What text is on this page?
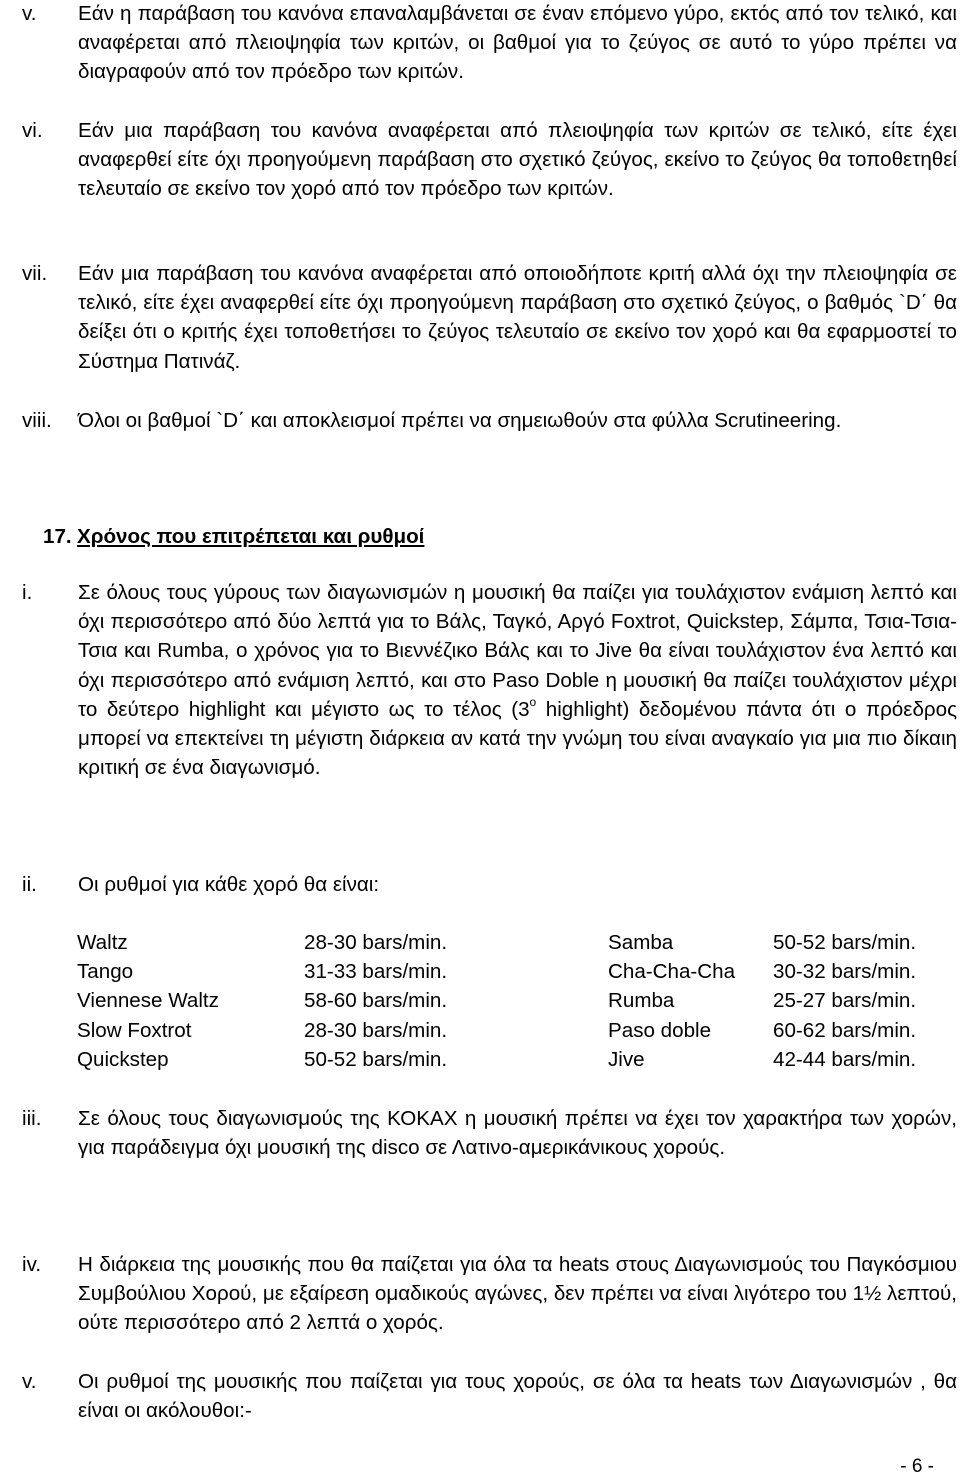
v.	Εάν η παράβαση του κανόνα επαναλαμβάνεται σε έναν επόμενο γύρο, εκτός από τον τελικό, και αναφέρεται από πλειοψηφία των κριτών, οι βαθμοί για το ζεύγος σε αυτό το γύρο πρέπει να διαγραφούν από τον πρόεδρο των κριτών.
vi.	Εάν μια παράβαση του κανόνα αναφέρεται από πλειοψηφία των κριτών σε τελικό, είτε έχει αναφερθεί είτε όχι προηγούμενη παράβαση στο σχετικό ζεύγος, εκείνο το ζεύγος θα τοποθετηθεί τελευταίο σε εκείνο τον χορό από τον πρόεδρο των κριτών.
vii.	Εάν μια παράβαση του κανόνα αναφέρεται από οποιοδήποτε κριτή αλλά όχι την πλειοψηφία σε τελικό, είτε έχει αναφερθεί είτε όχι προηγούμενη παράβαση στο σχετικό ζεύγος, ο βαθμός `D΄ θα δείξει ότι ο κριτής έχει τοποθετήσει το ζεύγος τελευταίο σε εκείνο τον χορό και θα εφαρμοστεί το Σύστημα Πατινάζ.
viii.	Όλοι οι βαθμοί `D΄ και αποκλεισμοί πρέπει να σημειωθούν στα φύλλα Scrutineering.
17. Χρόνος που επιτρέπεται και ρυθμοί
i.	Σε όλους τους γύρους των διαγωνισμών η μουσική θα παίζει για τουλάχιστον ενάμιση λεπτό και όχι περισσότερο από δύο λεπτά για το Βάλς, Ταγκό, Αργό Foxtrot, Quickstep, Σάμπα, Τσια-Τσια-Τσια και Rumba, ο χρόνος για το Βιεννέζικο Βάλς και το Jive θα είναι τουλάχιστον ένα λεπτό και όχι περισσότερο από ενάμιση λεπτό, και στο Paso Doble η μουσική θα παίζει τουλάχιστον μέχρι το δεύτερο highlight και μέγιστο ως το τέλος ($3^o$ highlight) δεδομένου πάντα ότι ο πρόεδρος μπορεί να επεκτείνει τη μέγιστη διάρκεια αν κατά την γνώμη του είναι αναγκαίο για μια πιο δίκαιη κριτική σε ένα διαγωνισμό.
ii.	Οι ρυθμοί για κάθε χορό θα είναι:
Waltz	28-30 bars/min.	Samba	50-52 bars/min.
Tango	31-33 bars/min.	Cha-Cha-Cha 30-32 bars/min.
Viennese Waltz	58-60 bars/min.	Rumba	25-27 bars/min.
Slow Foxtrot	28-30 bars/min.	Paso doble	60-62 bars/min.
Quickstep	50-52 bars/min.	Jive	42-44 bars/min.
iii.	Σε όλους τους διαγωνισμούς της ΚΟΚΑΧ η μουσική πρέπει να έχει τον χαρακτήρα των χορών, για παράδειγμα όχι μουσική της disco σε Λατινο-αμερικάνικους χορούς.
iv.	Η διάρκεια της μουσικής που θα παίζεται για όλα τα heats στους Διαγωνισμούς του Παγκόσμιου Συμβούλιου Χορού, με εξαίρεση ομαδικούς αγώνες, δεν πρέπει να είναι λιγότερο του 1½ λεπτού, ούτε περισσότερο από 2 λεπτά ο χορός.
v.	Οι ρυθμοί της μουσικής που παίζεται για τους χορούς, σε όλα τα heats των Διαγωνισμών , θα είναι οι ακόλουθοι:-
- 6 -
